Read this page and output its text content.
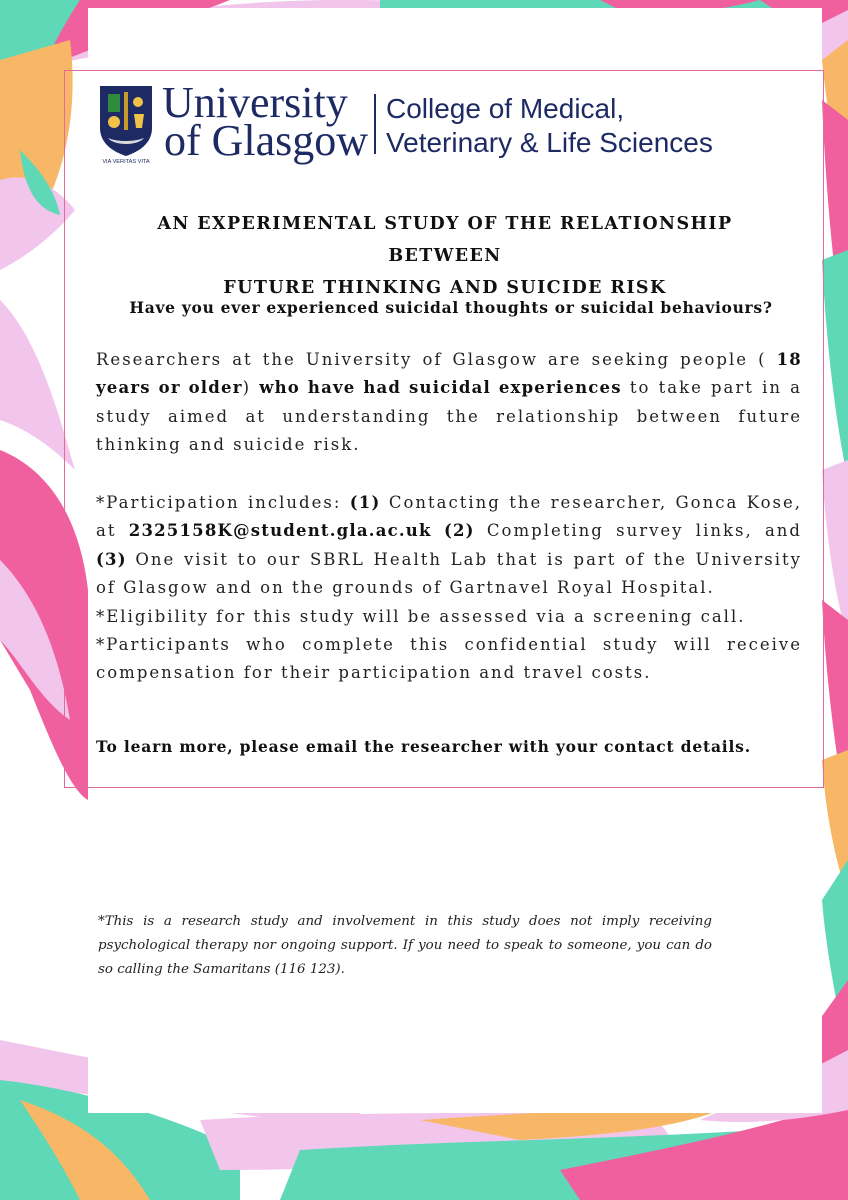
VIA VERITAS VITA
University
of Glasgow
College of Medical,
Veterinary & Life Sciences
AN EXPERIMENTAL STUDY OF THE RELATIONSHIP BETWEEN
FUTURE THINKING AND SUICIDE RISK

Have you ever experienced suicidal thoughts or suicidal behaviours?

Researchers at the University of Glasgow are seeking people ( 18 years or older) who have had suicidal experiences to take part in a study aimed at understanding the relationship between future thinking and suicide risk.

*Participation includes: (1) Contacting the researcher, Gonca Kose, at 2325158K@student.gla.ac.uk (2) Completing survey links, and (3) One visit to our SBRL Health Lab that is part of the University of Glasgow and on the grounds of Gartnavel Royal Hospital.
*Eligibility for this study will be assessed via a screening call.
*Participants who complete this confidential study will receive compensation for their participation and travel costs.

To learn more, please email the researcher with your contact details.

*This is a research study and involvement in this study does not imply receiving psychological therapy nor ongoing support. If you need to speak to someone, you can do so calling the Samaritans (116 123).
